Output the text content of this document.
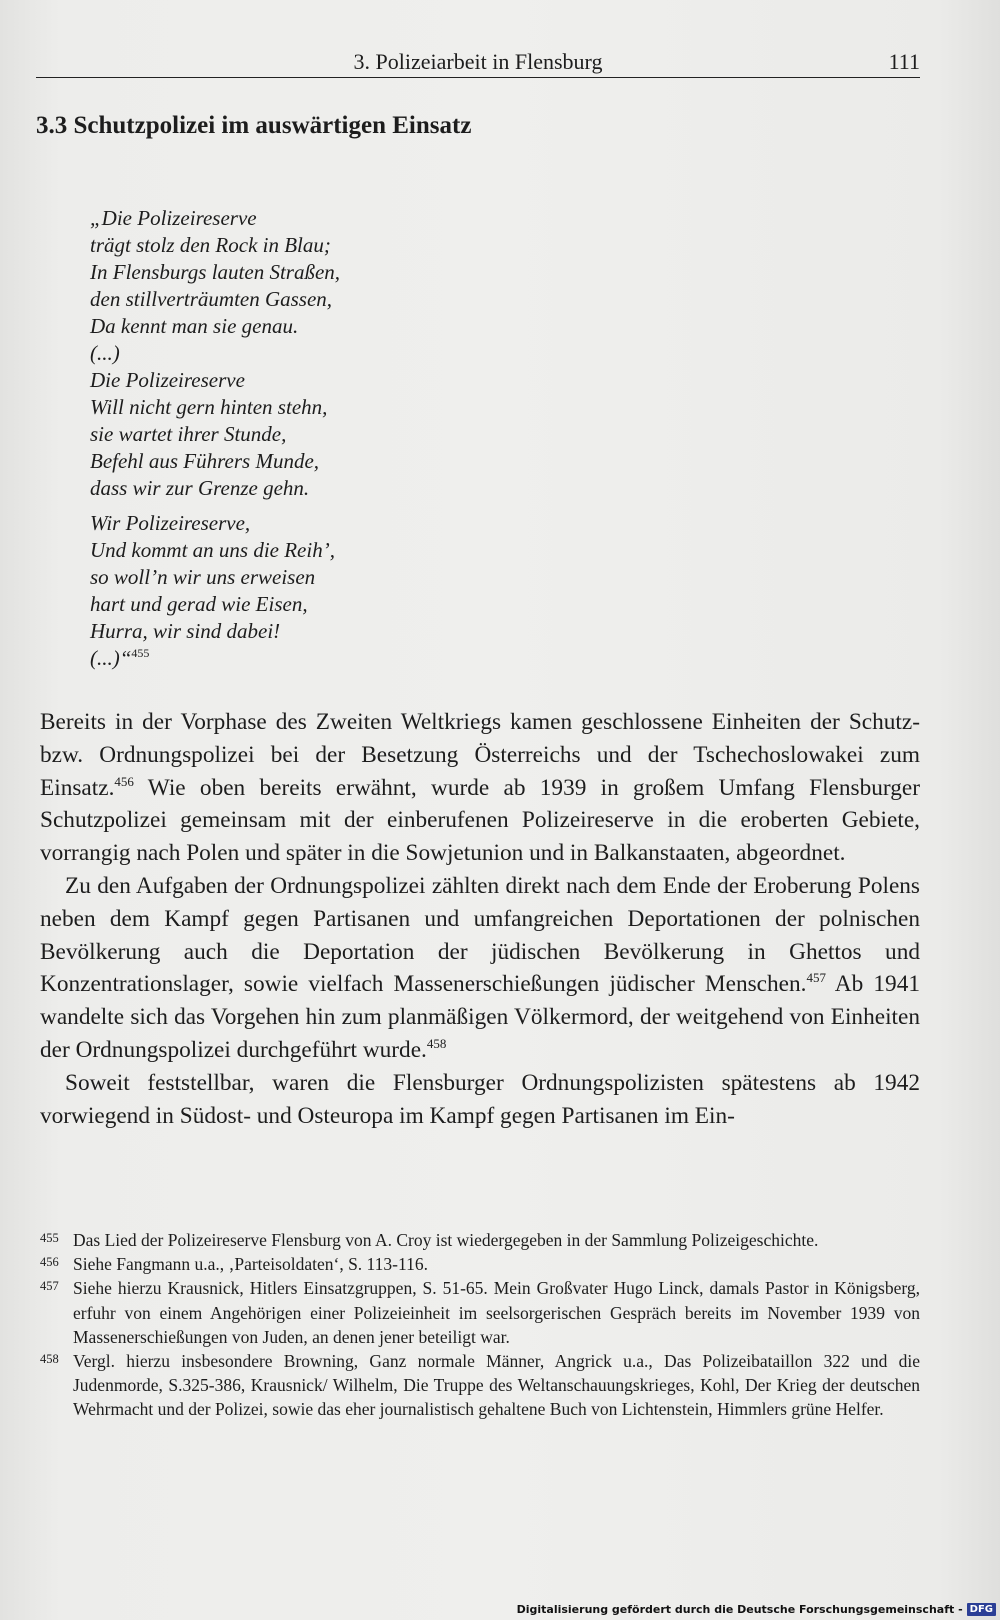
3. Polizeiarbeit in Flensburg	111
3.3 Schutzpolizei im auswärtigen Einsatz
„Die Polizeireserve
trägt stolz den Rock in Blau;
In Flensburgs lauten Straßen,
den stillverträumten Gassen,
Da kennt man sie genau.
(...)
Die Polizeireserve
Will nicht gern hinten stehn,
sie wartet ihrer Stunde,
Befehl aus Führers Munde,
dass wir zur Grenze gehn.
Wir Polizeireserve,
Und kommt an uns die Reih’,
so woll’n wir uns erweisen
hart und gerad wie Eisen,
Hurra, wir sind dabei!
(...)“$^{455}$

Bereits in der Vorphase des Zweiten Weltkriegs kamen geschlossene Einheiten der Schutz- bzw. Ordnungspolizei bei der Besetzung Österreichs und der Tschechoslowakei zum Einsatz.$^{456}$ Wie oben bereits erwähnt, wurde ab 1939 in großem Umfang Flensburger Schutzpolizei gemeinsam mit der einberufenen Polizeireserve in die eroberten Gebiete, vorrangig nach Polen und später in die Sowjetunion und in Balkanstaaten, abgeordnet.

Zu den Aufgaben der Ordnungspolizei zählten direkt nach dem Ende der Eroberung Polens neben dem Kampf gegen Partisanen und umfangreichen Deportationen der polnischen Bevölkerung auch die Deportation der jüdischen Bevölkerung in Ghettos und Konzentrationslager, sowie vielfach Massenerschießungen jüdischer Menschen.$^{457}$ Ab 1941 wandelte sich das Vorgehen hin zum planmäßigen Völkermord, der weitgehend von Einheiten der Ordnungspolizei durchgeführt wurde.$^{458}$

Soweit feststellbar, waren die Flensburger Ordnungspolizisten spätestens ab 1942 vorwiegend in Südost- und Osteuropa im Kampf gegen Partisanen im Ein-

455 Das Lied der Polizeireserve Flensburg von A. Croy ist wiedergegeben in der Sammlung Polizeigeschichte.

456 Siehe Fangmann u.a., ‚Parteisoldaten‘, S. 113-116.

457 Siehe hierzu Krausnick, Hitlers Einsatzgruppen, S. 51-65. Mein Großvater Hugo Linck, damals Pastor in Königsberg, erfuhr von einem Angehörigen einer Polizeieinheit im seelsorgerischen Gespräch bereits im November 1939 von Massenerschießungen von Juden, an denen jener beteiligt war.

458 Vergl. hierzu insbesondere Browning, Ganz normale Männer, Angrick u.a., Das Polizeibataillon 322 und die Judenmorde, S.325-386, Krausnick/ Wilhelm, Die Truppe des Weltanschauungskrieges, Kohl, Der Krieg der deutschen Wehrmacht und der Polizei, sowie das eher journalistisch gehaltene Buch von Lichtenstein, Himmlers grüne Helfer.

Digitalisierung gefördert durch die Deutsche Forschungsgemeinschaft - DFG
